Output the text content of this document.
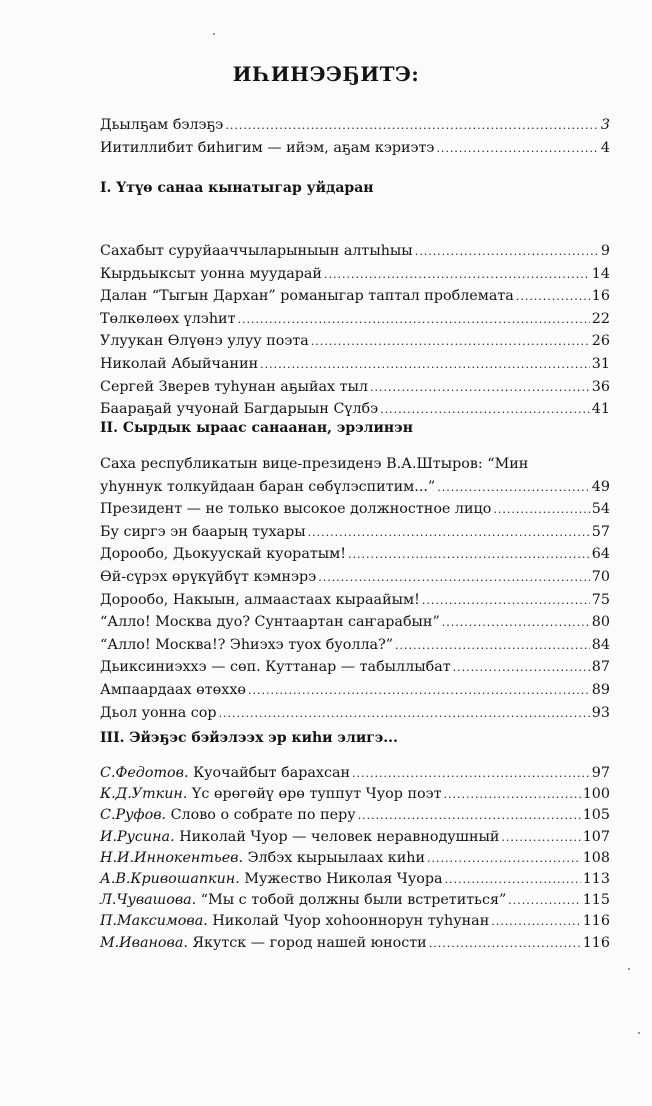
ИҺИНЭЭҔИТЭ:
Дьылҕам бэлэҕэ .....	3
Иитиллибит биһигим — ийэм, аҕам кэриэтэ .....	4
I. Үтүө санаа кынатыгар уйдаран
Сахабыт суруйааччыларыныын алтыһыы .....	9
Кырдьыксыт уонна муударай .....	14
Далан “Тыгын Дархан” романыгар таптал проблемата .....	16
Төлкөлөөх үлэһит .....	22
Улуукан Өлүөнэ улуу поэта .....	26
Николай Абыйчанин .....	31
Сергей Зверев туһунан аҕыйах тыл .....	36
Баараҕай учуонай Багдарыын Сүлбэ .....	41
II. Сырдык ыраас санаанан, эрэлинэн
Саха республикатын вице-президенэ В.А.Штыров: “Мин
уһуннук толкуйдаан баран сөбүлэспитим...” .....	49
Президент — не только высокое должностное лицо .....	54
Бу сиргэ эн баарың тухары .....	57
Дорообо, Дьокуускай куоратым! .....	64
Өй-сүрэх өрүкүйбүт кэмнэрэ .....	70
Дорообо, Накыын, алмаастаах кыраайым! .....	75
“Алло! Москва дуо? Сунтаартан саҥарабын” .....	80
“Алло! Москва!? Эһиэхэ туох буолла?” .....	84
Дьиксиниэххэ — сөп. Куттанар — табыллыбат .....	87
Ампаардаах өтөххө .....	89
Дьол уонна сор .....	93
III. Эйэҕэс бэйэлээх эр киһи элигэ...
С.Федотов. Куочайбыт барахсан .....	97
К.Д.Уткин. Үс өрөгөйү өрө туппут Чуор поэт .....	100
С.Руфов. Слово о собрате по перу .....	105
И.Русина. Николай Чуор — человек неравнодушный .....	107
Н.И.Иннокентьев. Элбэх кырыылаах киһи .....	108
А.В.Кривошапкин. Мужество Николая Чуора .....	113
Л.Чувашова. “Мы с тобой должны были встретиться” .....	115
П.Максимова. Николай Чуор хоһооннорун туһунан .....	116
М.Иванова. Якутск — город нашей юности .....	116
